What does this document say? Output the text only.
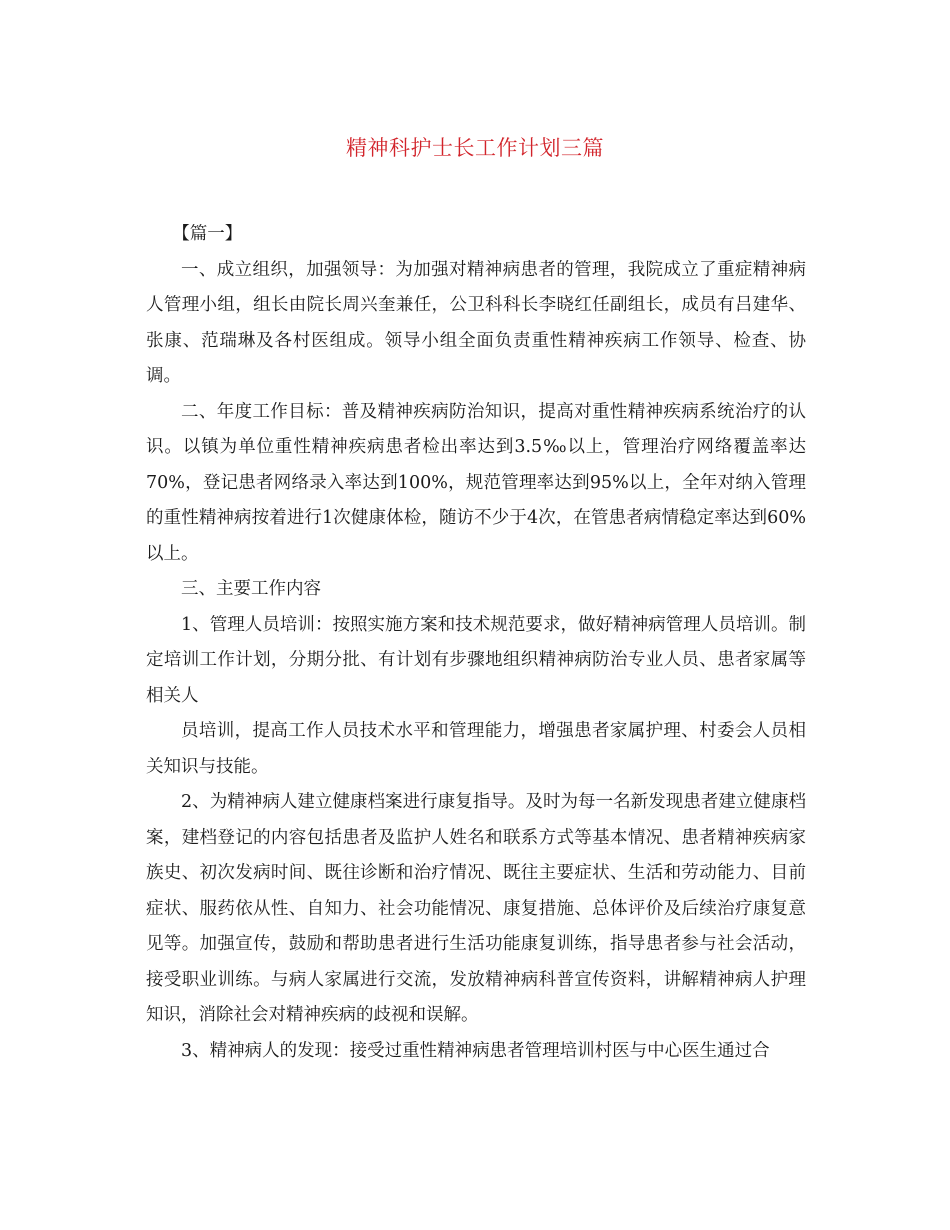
精神科护士长工作计划三篇

【篇一】

一、成立组织，加强领导：为加强对精神病患者的管理，我院成立了重症精神病人管理小组，组长由院长周兴奎兼任，公卫科科长李晓红任副组长，成员有吕建华、张康、范瑞琳及各村医组成。领导小组全面负责重性精神疾病工作领导、检查、协调。

二、年度工作目标：普及精神疾病防治知识，提高对重性精神疾病系统治疗的认识。以镇为单位重性精神疾病患者检出率达到3.5‰以上，管理治疗网络覆盖率达70%，登记患者网络录入率达到100%，规范管理率达到95%以上，全年对纳入管理的重性精神病按着进行1次健康体检，随访不少于4次，在管患者病情稳定率达到60%以上。

三、主要工作内容

1、管理人员培训：按照实施方案和技术规范要求，做好精神病管理人员培训。制定培训工作计划，分期分批、有计划有步骤地组织精神病防治专业人员、患者家属等相关人

员培训，提高工作人员技术水平和管理能力，增强患者家属护理、村委会人员相关知识与技能。

2、为精神病人建立健康档案进行康复指导。及时为每一名新发现患者建立健康档案，建档登记的内容包括患者及监护人姓名和联系方式等基本情况、患者精神疾病家族史、初次发病时间、既往诊断和治疗情况、既往主要症状、生活和劳动能力、目前症状、服药依从性、自知力、社会功能情况、康复措施、总体评价及后续治疗康复意见等。加强宣传，鼓励和帮助患者进行生活功能康复训练，指导患者参与社会活动，接受职业训练。与病人家属进行交流，发放精神病科普宣传资料，讲解精神病人护理知识，消除社会对精神疾病的歧视和误解。

3、精神病人的发现：接受过重性精神病患者管理培训村医与中心医生通过合
